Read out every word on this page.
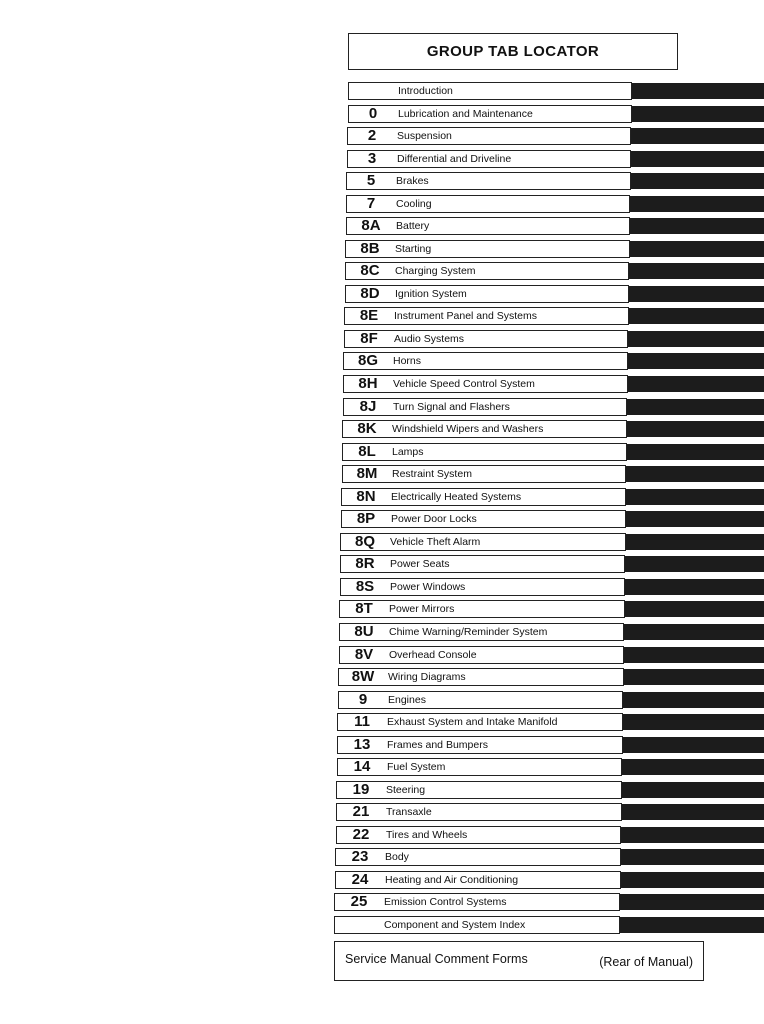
GROUP TAB LOCATOR
Introduction
0	Lubrication and Maintenance
2	Suspension
3	Differential and Driveline
5	Brakes
7	Cooling
8A	Battery
8B	Starting
8C	Charging System
8D	Ignition System
8E	Instrument Panel and Systems
8F	Audio Systems
8G	Horns
8H	Vehicle Speed Control System
8J	Turn Signal and Flashers
8K	Windshield Wipers and Washers
8L	Lamps
8M	Restraint System
8N	Electrically Heated Systems
8P	Power Door Locks
8Q	Vehicle Theft Alarm
8R	Power Seats
8S	Power Windows
8T	Power Mirrors
8U	Chime Warning/Reminder System
8V	Overhead Console
8W	Wiring Diagrams
9	Engines
11	Exhaust System and Intake Manifold
13	Frames and Bumpers
14	Fuel System
19	Steering
21	Transaxle
22	Tires and Wheels
23	Body
24	Heating and Air Conditioning
25	Emission Control Systems
Component and System Index
Service Manual Comment Forms	(Rear of Manual)
